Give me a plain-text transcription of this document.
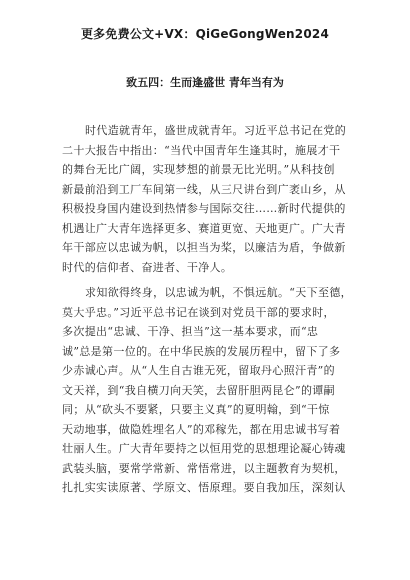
更多免费公文+VX：QiGeGongWen2024
致五四：生而逢盛世 青年当有为
时代造就青年，盛世成就青年。习近平总书记在党的
二十大报告中指出：“当代中国青年生逢其时，施展才干
的舞台无比广阔，实现梦想的前景无比光明。”从科技创
新最前沿到工厂车间第一线，从三尺讲台到广袤山乡，从
积极投身国内建设到热情参与国际交往……新时代提供的
机遇让广大青年选择更多、赛道更宽、天地更广。广大青
年干部应以忠诚为帆，以担当为桨，以廉洁为盾，争做新
时代的信仰者、奋进者、干净人。
求知欲得终身，以忠诚为帆，不惧远航。“天下至德，
莫大乎忠。”习近平总书记在谈到对党员干部的要求时，
多次提出“忠诚、干净、担当”这一基本要求，而“忠
诚”总是第一位的。在中华民族的发展历程中，留下了多
少赤诚心声。从“人生自古谁无死，留取丹心照汗青”的
文天祥，到“我自横刀向天笑，去留肝胆两昆仑”的谭嗣
同；从“砍头不要紧，只要主义真”的夏明翰，到“干惊
天动地事，做隐姓埋名人”的邓稼先，都在用忠诚书写着
壮丽人生。广大青年要持之以恒用党的思想理论凝心铸魂
武装头脑，要常学常新、常悟常进，以主题教育为契机，
扎扎实实读原著、学原文、悟原理。要自我加压，深刻认
